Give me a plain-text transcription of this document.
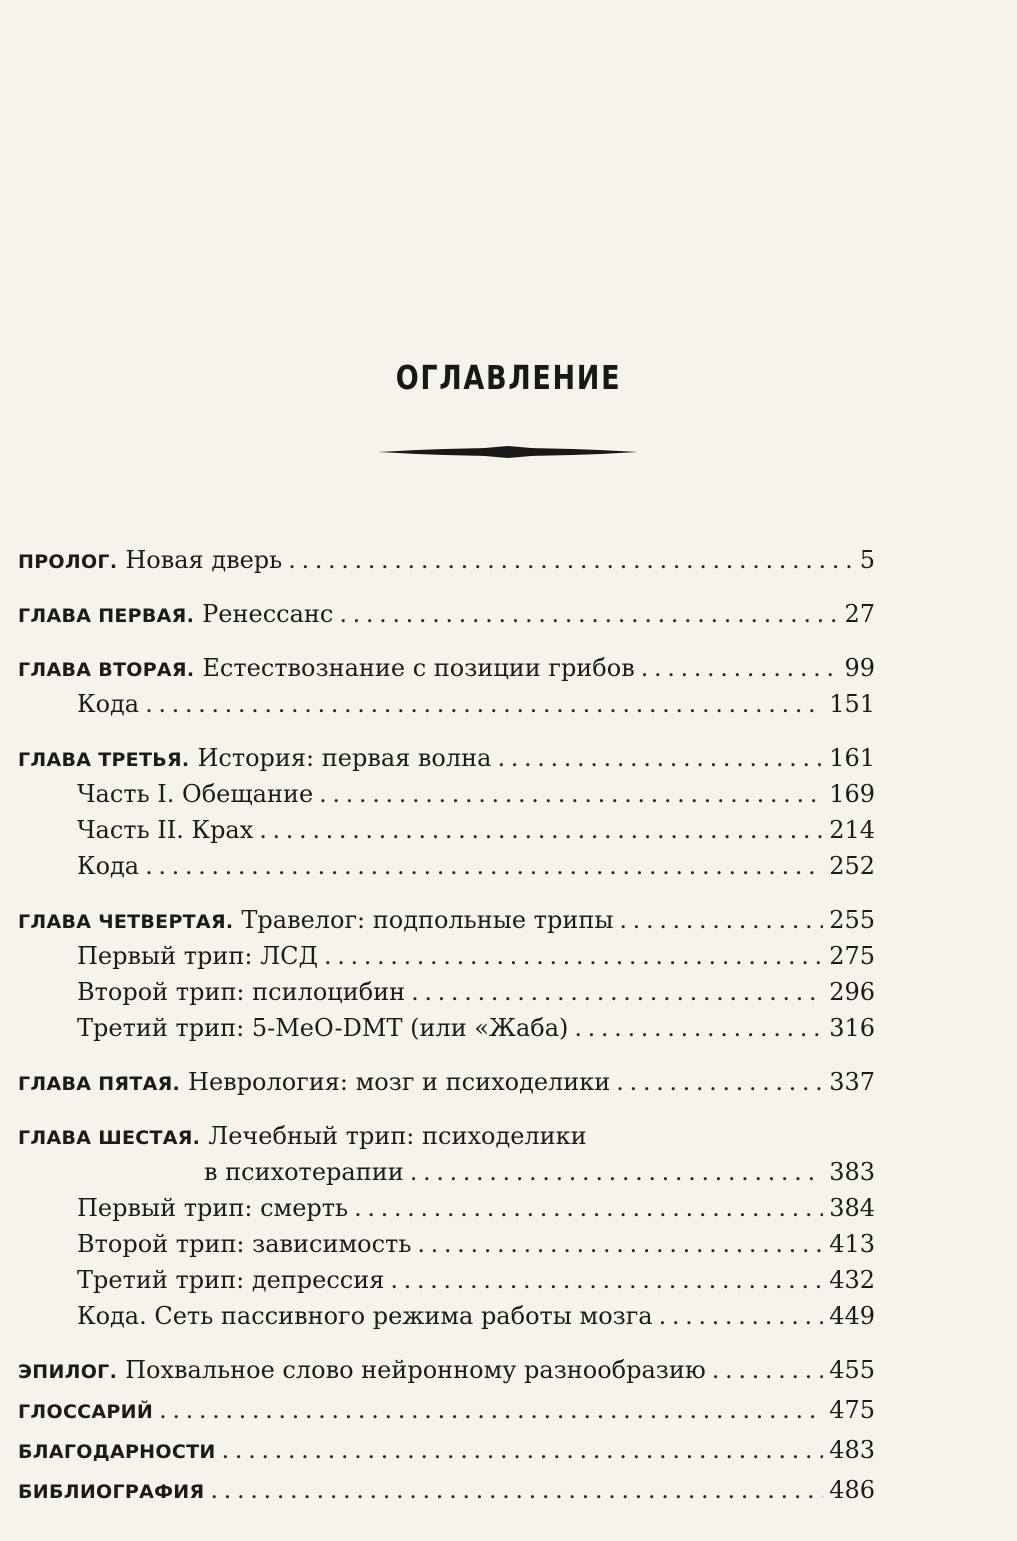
ОГЛАВЛЕНИЕ
ПРОЛОГ. Новая дверь . . .	5
ГЛАВА ПЕРВАЯ. Ренессанс . . .	27
ГЛАВА ВТОРАЯ. Естествознание с позиции грибов . . .	99
Кода . . .	151
ГЛАВА ТРЕТЬЯ. История: первая волна . . .	161
Часть I. Обещание . . .	169
Часть II. Крах . . .	214
Кода . . .	252
ГЛАВА ЧЕТВЕРТАЯ. Травелог: подпольные трипы . . .	255
Первый трип: ЛСД . . .	275
Второй трип: псилоцибин . . .	296
Третий трип: 5-MeO-DMT (или «Жаба) . . .	316
ГЛАВА ПЯТАЯ. Неврология: мозг и психоделики . . .	337
ГЛАВА ШЕСТАЯ. Лечебный трип: психоделики
в психотерапии . . .	383
Первый трип: смерть . . .	384
Второй трип: зависимость . . .	413
Третий трип: депрессия . . .	432
Кода. Сеть пассивного режима работы мозга . . .	449
ЭПИЛОГ. Похвальное слово нейронному разнообразию . . .	455
ГЛОССАРИЙ . . .	475
БЛАГОДАРНОСТИ . . .	483
БИБЛИОГРАФИЯ . . .	486
